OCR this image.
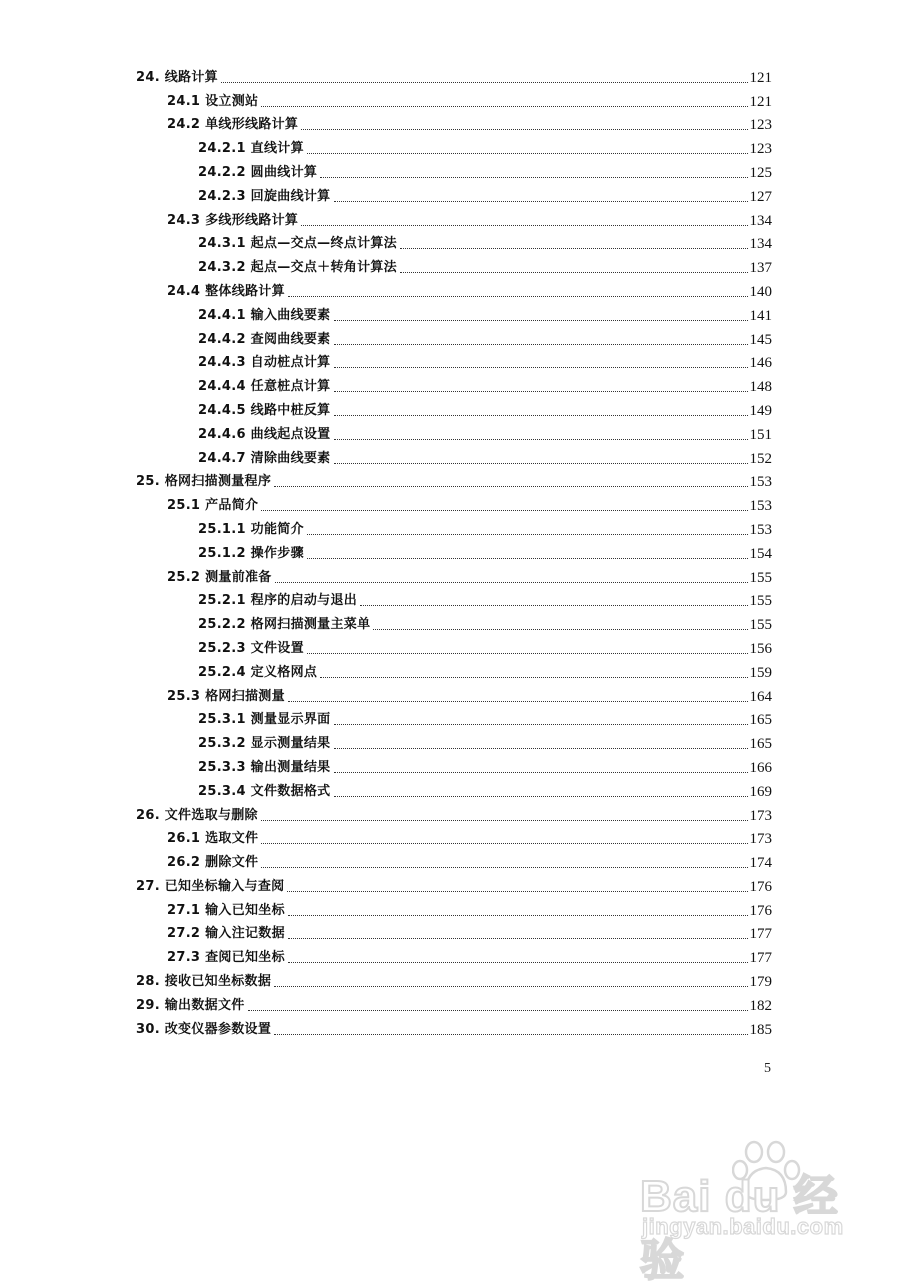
24. 线路计算	121
24.1 设立测站	121
24.2 单线形线路计算	123
24.2.1 直线计算	123
24.2.2 圆曲线计算	125
24.2.3 回旋曲线计算	127
24.3 多线形线路计算	134
24.3.1 起点—交点—终点计算法	134
24.3.2 起点—交点＋转角计算法	137
24.4 整体线路计算	140
24.4.1 输入曲线要素	141
24.4.2 查阅曲线要素	145
24.4.3 自动桩点计算	146
24.4.4 任意桩点计算	148
24.4.5 线路中桩反算	149
24.4.6 曲线起点设置	151
24.4.7 清除曲线要素	152
25. 格网扫描测量程序	153
25.1 产品简介	153
25.1.1 功能简介	153
25.1.2 操作步骤	154
25.2 测量前准备	155
25.2.1 程序的启动与退出	155
25.2.2 格网扫描测量主菜单	155
25.2.3 文件设置	156
25.2.4 定义格网点	159
25.3 格网扫描测量	164
25.3.1 测量显示界面	165
25.3.2 显示测量结果	165
25.3.3 输出测量结果	166
25.3.4 文件数据格式	169
26. 文件选取与删除	173
26.1 选取文件	173
26.2 删除文件	174
27. 已知坐标输入与查阅	176
27.1 输入已知坐标	176
27.2 输入注记数据	177
27.3 查阅已知坐标	177
28. 接收已知坐标数据	179
29. 输出数据文件	182
30. 改变仪器参数设置	185
5
Bai du 经验
jingyan.baidu.com
